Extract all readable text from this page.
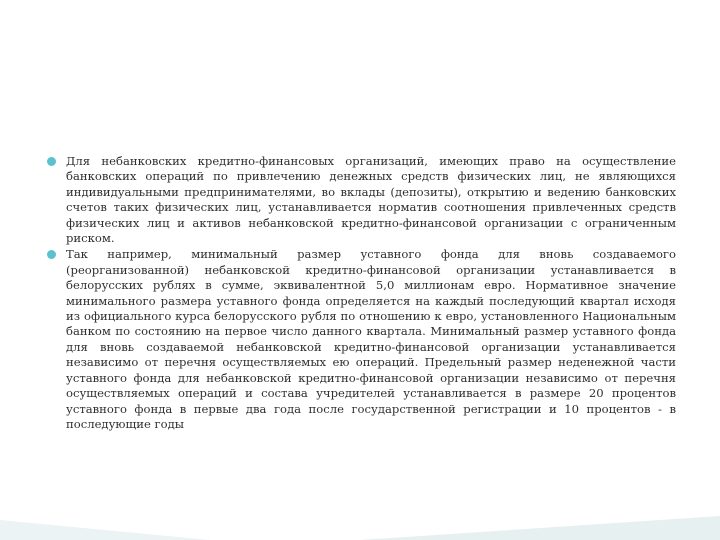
Для небанковских кредитно-финансовых организаций, имеющих право на осуществление банковских операций по привлечению денежных средств физических лиц, не являющихся индивидуальными предпринимателями, во вклады (депозиты), открытию и ведению банковских счетов таких физических лиц, устанавливается норматив соотношения привлеченных средств физических лиц и активов небанковской кредитно-финансовой организации с ограниченным риском.
Так например, минимальный размер уставного фонда для вновь создаваемого (реорганизованной) небанковской кредитно-финансовой организации устанавливается в белорусских рублях в сумме, эквивалентной 5,0 миллионам евро. Нормативное значение минимального размера уставного фонда определяется на каждый последующий квартал исходя из официального курса белорусского рубля по отношению к евро, установленного Национальным банком по состоянию на первое число данного квартала. Минимальный размер уставного фонда для вновь создаваемой небанковской кредитно-финансовой организации устанавливается независимо от перечня осуществляемых ею операций. Предельный размер неденежной части уставного фонда для небанковской кредитно-финансовой организации независимо от перечня осуществляемых операций и состава учредителей устанавливается в размере 20 процентов уставного фонда в первые два года после государственной регистрации и 10 процентов - в последующие годы
